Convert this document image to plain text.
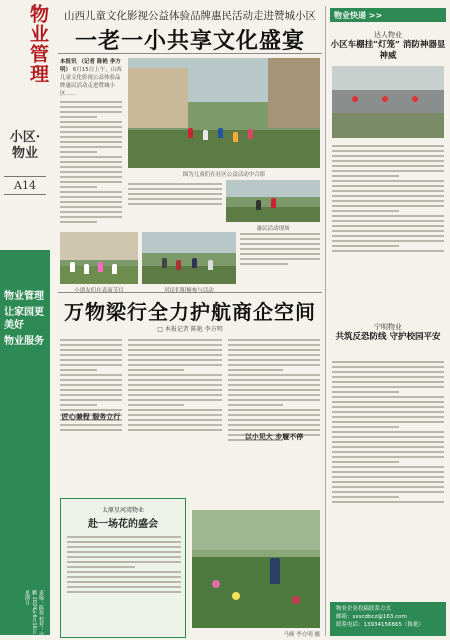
物业管理
小区·物业
A14
物业管理
让家园更美好
物业服务
责编：陈艳 校对：卢鹏 2024年6月16日 星期日
山西儿童文化影视公益体验品牌惠民活动走进赞城小区
一老一小共享文化盛宴
本报讯 （记者 陈艳 李方明） 6月15日上午，山西儿童文化影视公益体验品牌惠民活动走进赞城小区……
图为儿童们在社区公益活动中合影
惠民活动现场
小朋友们在表演节目	居民们积极参与活动
万物梁行全力护航商企空间
□ 本报记者 陈艳 李方明
匠心兼程 服务立行
以小见大 步履不停
太原星河湾物业
赴一场花的盛会
马娅 李方明 摄
物业快递 >>
达人物业
小区车棚挂“灯笼” 消防神器显神威
宁明物业
共筑反恐防线 守护校园平安
物业企业投稿联系方式
邮箱：sxscdbcz@163.com
联系电话：13934156865（陈艳）
